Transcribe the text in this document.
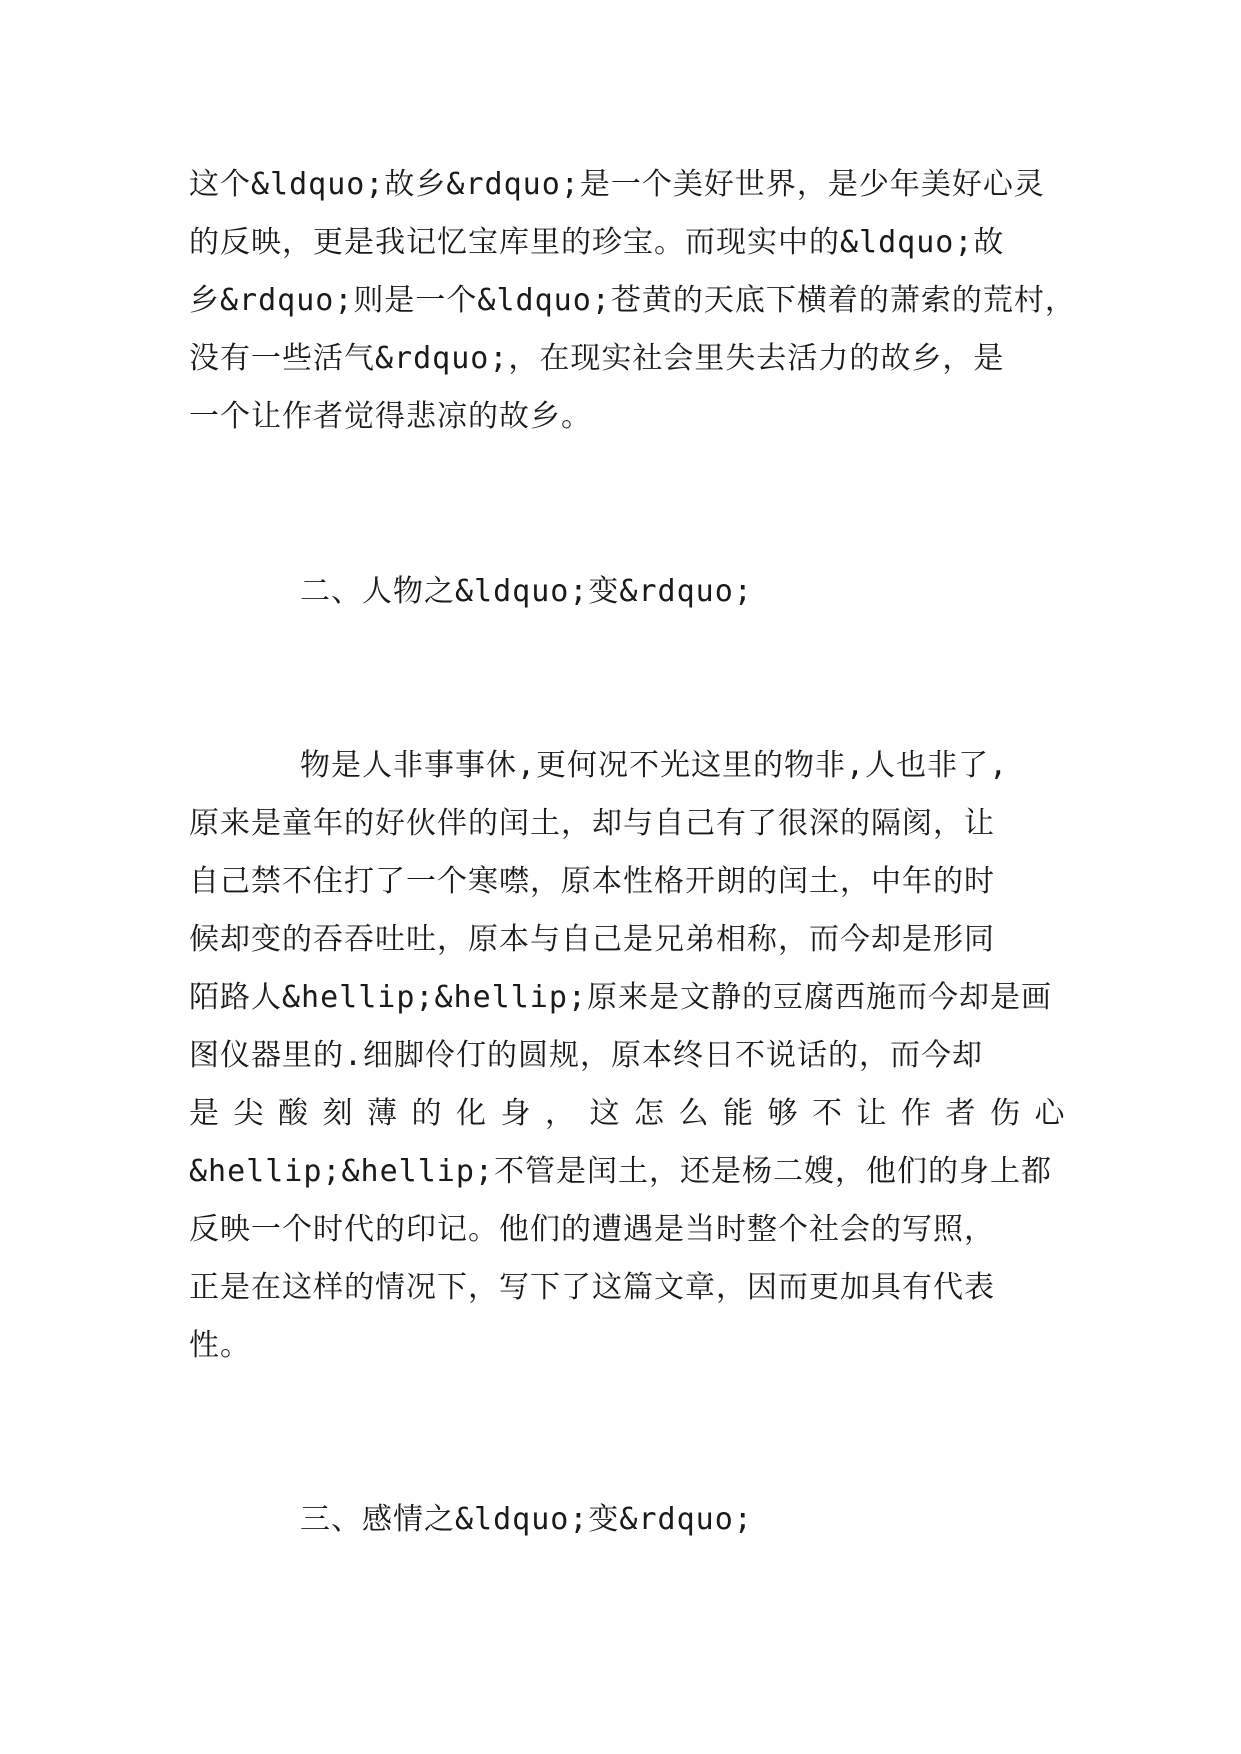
这个&ldquo;故乡&rdquo;是一个美好世界，是少年美好心灵
的反映，更是我记忆宝库里的珍宝。而现实中的&ldquo;故
乡&rdquo;则是一个&ldquo;苍黄的天底下横着的萧索的荒村，
没有一些活气&rdquo;，在现实社会里失去活力的故乡，是
一个让作者觉得悲凉的故乡。
二、人物之&ldquo;变&rdquo;
物是人非事事休,更何况不光这里的物非,人也非了,
原来是童年的好伙伴的闰土，却与自己有了很深的隔阂，让
自己禁不住打了一个寒噤，原本性格开朗的闰土，中年的时
候却变的吞吞吐吐，原本与自己是兄弟相称，而今却是形同
陌路人&hellip;&hellip;原来是文静的豆腐西施而今却是画
图仪器里的.细脚伶仃的圆规，原本终日不说话的，而今却
是尖酸刻薄的化身，这怎么能够不让作者伤心
&hellip;&hellip;不管是闰土，还是杨二嫂，他们的身上都
反映一个时代的印记。他们的遭遇是当时整个社会的写照，
正是在这样的情况下，写下了这篇文章，因而更加具有代表
性。
三、感情之&ldquo;变&rdquo;
